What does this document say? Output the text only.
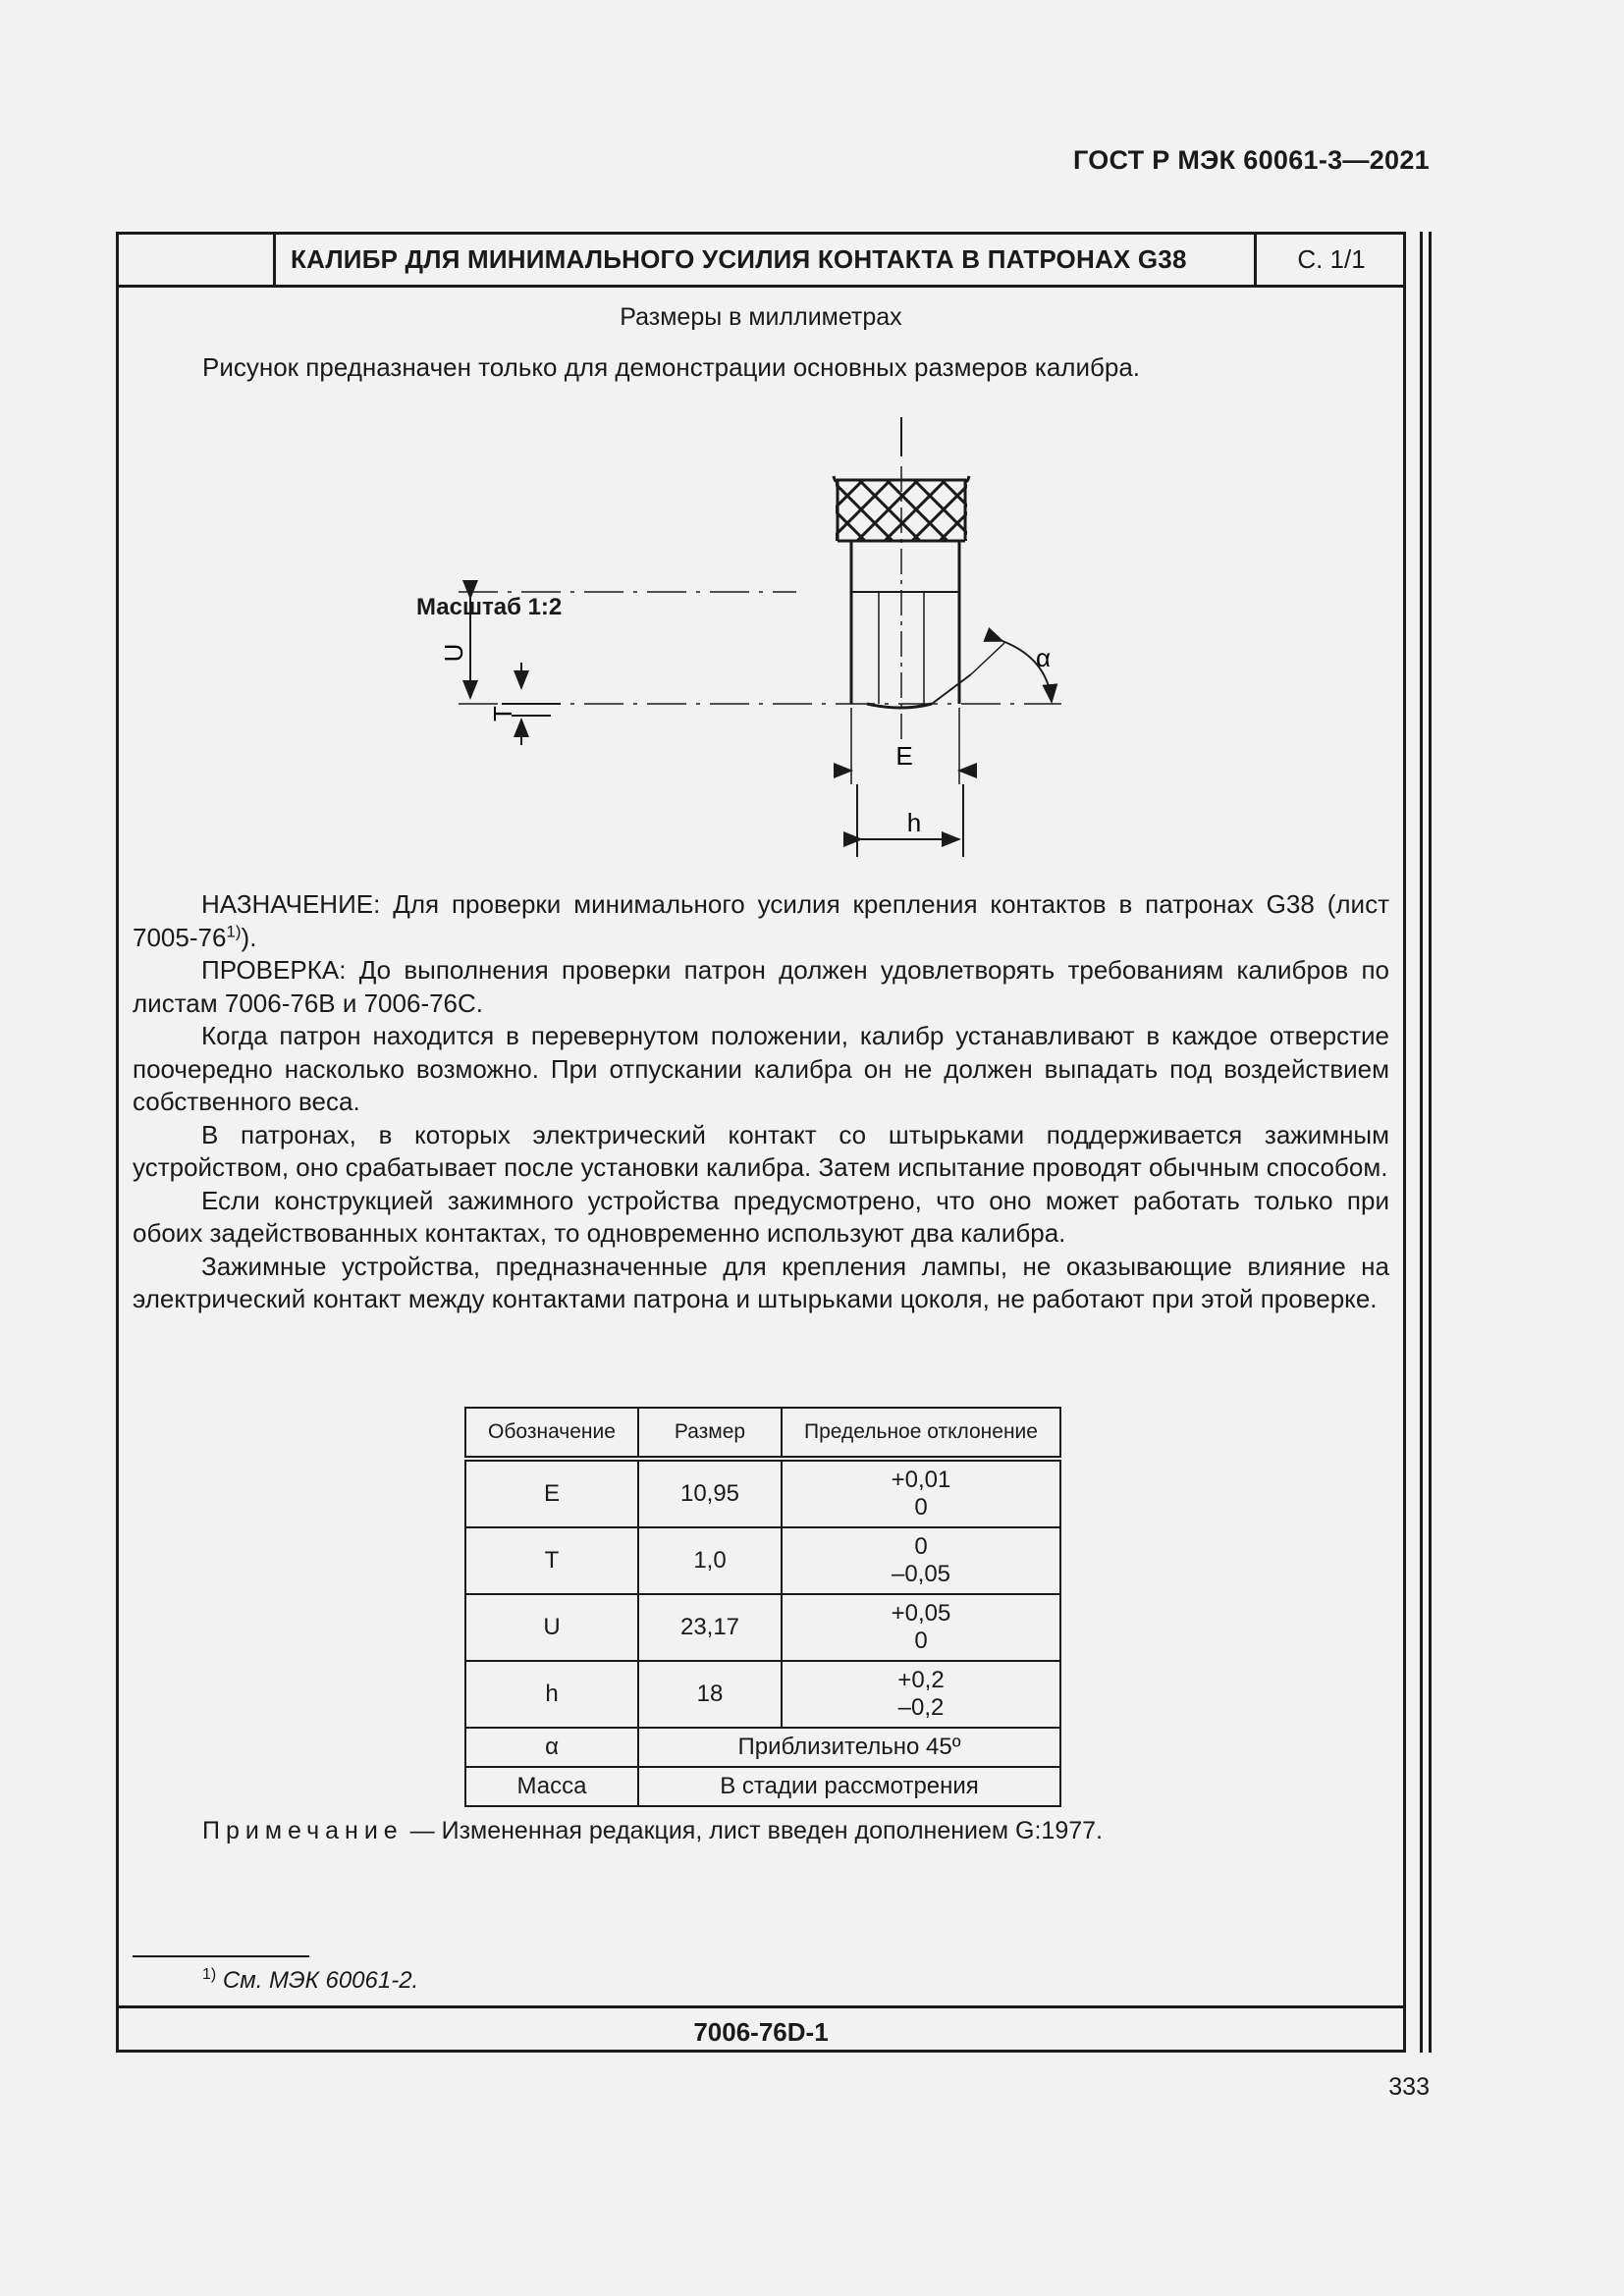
ГОСТ Р МЭК 60061-3—2021
КАЛИБР ДЛЯ МИНИМАЛЬНОГО УСИЛИЯ КОНТАКТА В ПАТРОНАХ G38	С. 1/1
Размеры в миллиметрах
Рисунок предназначен только для демонстрации основных размеров калибра.
Масштаб 1:2
U
T
E
h
α

НАЗНАЧЕНИЕ: Для проверки минимального усилия крепления контактов в патронах G38 (лист 7005-76$^{1)}$).

ПРОВЕРКА: До выполнения проверки патрон должен удовлетворять требованиям калибров по листам 7006-76B и 7006-76C.

Когда патрон находится в перевернутом положении, калибр устанавливают в каждое отверстие поочередно насколько возможно. При отпускании калибра он не должен выпадать под воздействием собственного веса.

В патронах, в которых электрический контакт со штырьками поддерживается зажимным устройством, оно срабатывает после установки калибра. Затем испытание проводят обычным способом.

Если конструкцией зажимного устройства предусмотрено, что оно может работать только при обоих задействованных контактах, то одновременно используют два калибра.

Зажимные устройства, предназначенные для крепления лампы, не оказывающие влияние на электрический контакт между контактами патрона и штырьками цоколя, не работают при этой проверке.

Обозначение	Размер	Предельное отклонение
E	10,95	+0,01
0

T	1,0	0
–0,05

U	23,17	+0,05
0

h	18	+0,2
–0,2

α	Приблизительно 45º	
Масса	В стадии рассмотрения	
Примечание — Измененная редакция, лист введен дополнением G:1977.
$^{1)}$ См. МЭК 60061-2.
7006-76D-1
333
